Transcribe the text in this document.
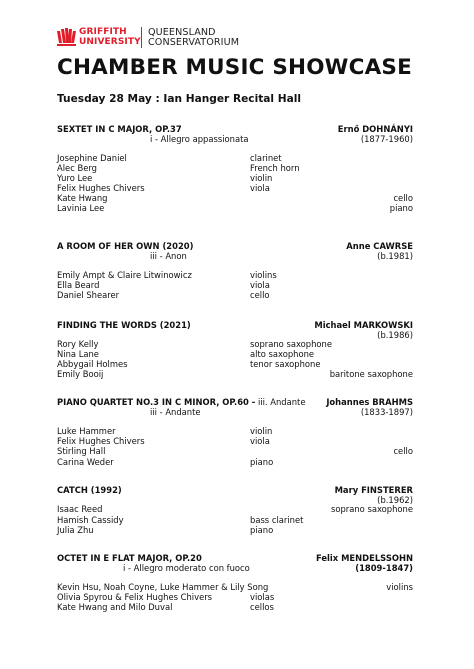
GRIFFITH
UNIVERSITY
QUEENSLAND
CONSERVATORIUM
CHAMBER MUSIC SHOWCASE
Tuesday 28 May : Ian Hanger Recital Hall
SEXTET IN C MAJOR, OP.37
i - Allegro appassionata
Ernő DOHNÁNYI
(1877-1960)
Josephine Daniel	clarinet
Alec Berg	French horn
Yuro Lee	violin
Felix Hughes Chivers	viola
Kate Hwang	cello
Lavinia Lee	piano
A ROOM OF HER OWN (2020)
iii - Anon
Anne CAWRSE
(b.1981)
Emily Ampt & Claire Litwinowicz	violins
Ella Beard	viola
Daniel Shearer	cello
FINDING THE WORDS (2021)	Michael MARKOWSKI
(b.1986)
Rory Kelly	soprano saxophone
Nina Lane	alto saxophone
Abbygail Holmes	tenor saxophone
Emily Booij	baritone saxophone
PIANO QUARTET NO.3 IN C MINOR, OP.60 - iii. Andante
iii - Andante
Johannes BRAHMS
(1833-1897)
Luke Hammer	violin
Felix Hughes Chivers	viola
Stirling Hall	cello
Carina Weder	piano
CATCH (1992)	Mary FINSTERER
(b.1962)
Isaac Reed	soprano saxophone
Hamish Cassidy	bass clarinet
Julia Zhu	piano
OCTET IN E FLAT MAJOR, OP.20
i - Allegro moderato con fuoco
Felix MENDELSSOHN
(1809-1847)
Kevin Hsu, Noah Coyne, Luke Hammer & Lily Song	violins
Olivia Spyrou & Felix Hughes Chivers	violas
Kate Hwang and Milo Duval	cellos
